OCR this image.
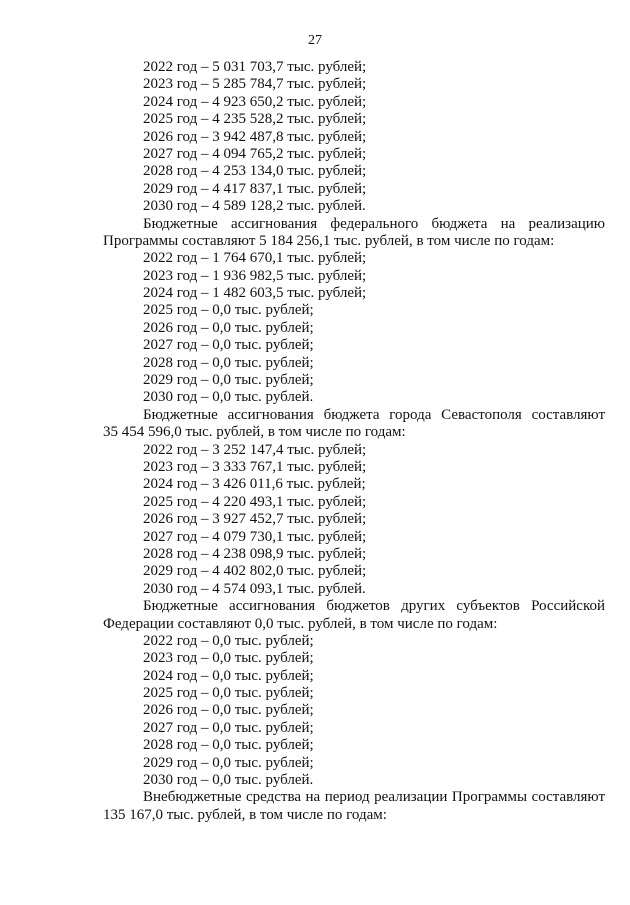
27
2022 год – 5 031 703,7 тыс. рублей;
2023 год – 5 285 784,7 тыс. рублей;
2024 год – 4 923 650,2 тыс. рублей;
2025 год – 4 235 528,2 тыс. рублей;
2026 год – 3 942 487,8 тыс. рублей;
2027 год – 4 094 765,2 тыс. рублей;
2028 год – 4 253 134,0 тыс. рублей;
2029 год – 4 417 837,1 тыс. рублей;
2030 год – 4 589 128,2 тыс. рублей.
Бюджетные ассигнования федерального бюджета на реализацию
Программы составляют 5 184 256,1 тыс. рублей, в том числе по годам:
2022 год – 1 764 670,1 тыс. рублей;
2023 год – 1 936 982,5 тыс. рублей;
2024 год – 1 482 603,5 тыс. рублей;
2025 год – 0,0 тыс. рублей;
2026 год – 0,0 тыс. рублей;
2027 год – 0,0 тыс. рублей;
2028 год – 0,0 тыс. рублей;
2029 год – 0,0 тыс. рублей;
2030 год – 0,0 тыс. рублей.
Бюджетные ассигнования бюджета города Севастополя составляют
35 454 596,0 тыс. рублей, в том числе по годам:
2022 год – 3 252 147,4 тыс. рублей;
2023 год – 3 333 767,1 тыс. рублей;
2024 год – 3 426 011,6 тыс. рублей;
2025 год – 4 220 493,1 тыс. рублей;
2026 год – 3 927 452,7 тыс. рублей;
2027 год – 4 079 730,1 тыс. рублей;
2028 год – 4 238 098,9 тыс. рублей;
2029 год – 4 402 802,0 тыс. рублей;
2030 год – 4 574 093,1 тыс. рублей.
Бюджетные ассигнования бюджетов других субъектов Российской
Федерации составляют 0,0 тыс. рублей, в том числе по годам:
2022 год – 0,0 тыс. рублей;
2023 год – 0,0 тыс. рублей;
2024 год – 0,0 тыс. рублей;
2025 год – 0,0 тыс. рублей;
2026 год – 0,0 тыс. рублей;
2027 год – 0,0 тыс. рублей;
2028 год – 0,0 тыс. рублей;
2029 год – 0,0 тыс. рублей;
2030 год – 0,0 тыс. рублей.
Внебюджетные средства на период реализации Программы составляют
135 167,0 тыс. рублей, в том числе по годам:
